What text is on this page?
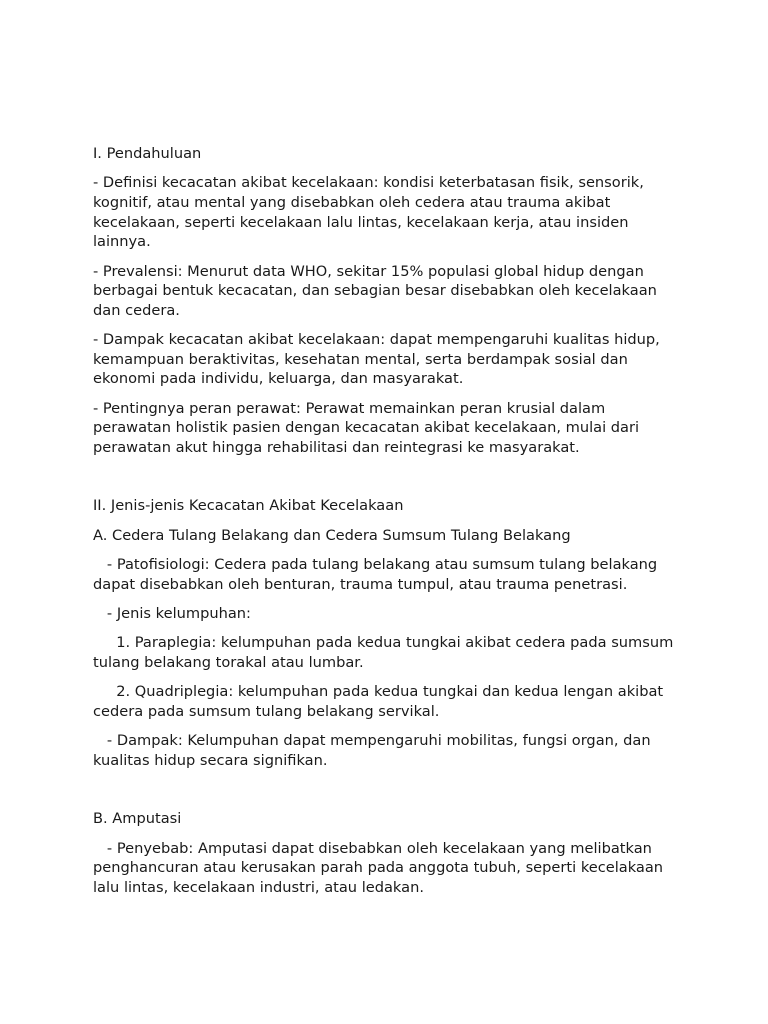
I. Pendahuluan

- Definisi kecacatan akibat kecelakaan: kondisi keterbatasan fisik, sensorik, kognitif, atau mental yang disebabkan oleh cedera atau trauma akibat kecelakaan, seperti kecelakaan lalu lintas, kecelakaan kerja, atau insiden lainnya.

- Prevalensi: Menurut data WHO, sekitar 15% populasi global hidup dengan berbagai bentuk kecacatan, dan sebagian besar disebabkan oleh kecelakaan dan cedera.

- Dampak kecacatan akibat kecelakaan: dapat mempengaruhi kualitas hidup, kemampuan beraktivitas, kesehatan mental, serta berdampak sosial dan ekonomi pada individu, keluarga, dan masyarakat.

- Pentingnya peran perawat: Perawat memainkan peran krusial dalam perawatan holistik pasien dengan kecacatan akibat kecelakaan, mulai dari perawatan akut hingga rehabilitasi dan reintegrasi ke masyarakat.

II. Jenis-jenis Kecacatan Akibat Kecelakaan

A. Cedera Tulang Belakang dan Cedera Sumsum Tulang Belakang

- Patofisiologi: Cedera pada tulang belakang atau sumsum tulang belakang dapat disebabkan oleh benturan, trauma tumpul, atau trauma penetrasi.

- Jenis kelumpuhan:

1. Paraplegia: kelumpuhan pada kedua tungkai akibat cedera pada sumsum tulang belakang torakal atau lumbar.

2. Quadriplegia: kelumpuhan pada kedua tungkai dan kedua lengan akibat cedera pada sumsum tulang belakang servikal.

- Dampak: Kelumpuhan dapat mempengaruhi mobilitas, fungsi organ, dan kualitas hidup secara signifikan.

B. Amputasi

- Penyebab: Amputasi dapat disebabkan oleh kecelakaan yang melibatkan penghancuran atau kerusakan parah pada anggota tubuh, seperti kecelakaan lalu lintas, kecelakaan industri, atau ledakan.
